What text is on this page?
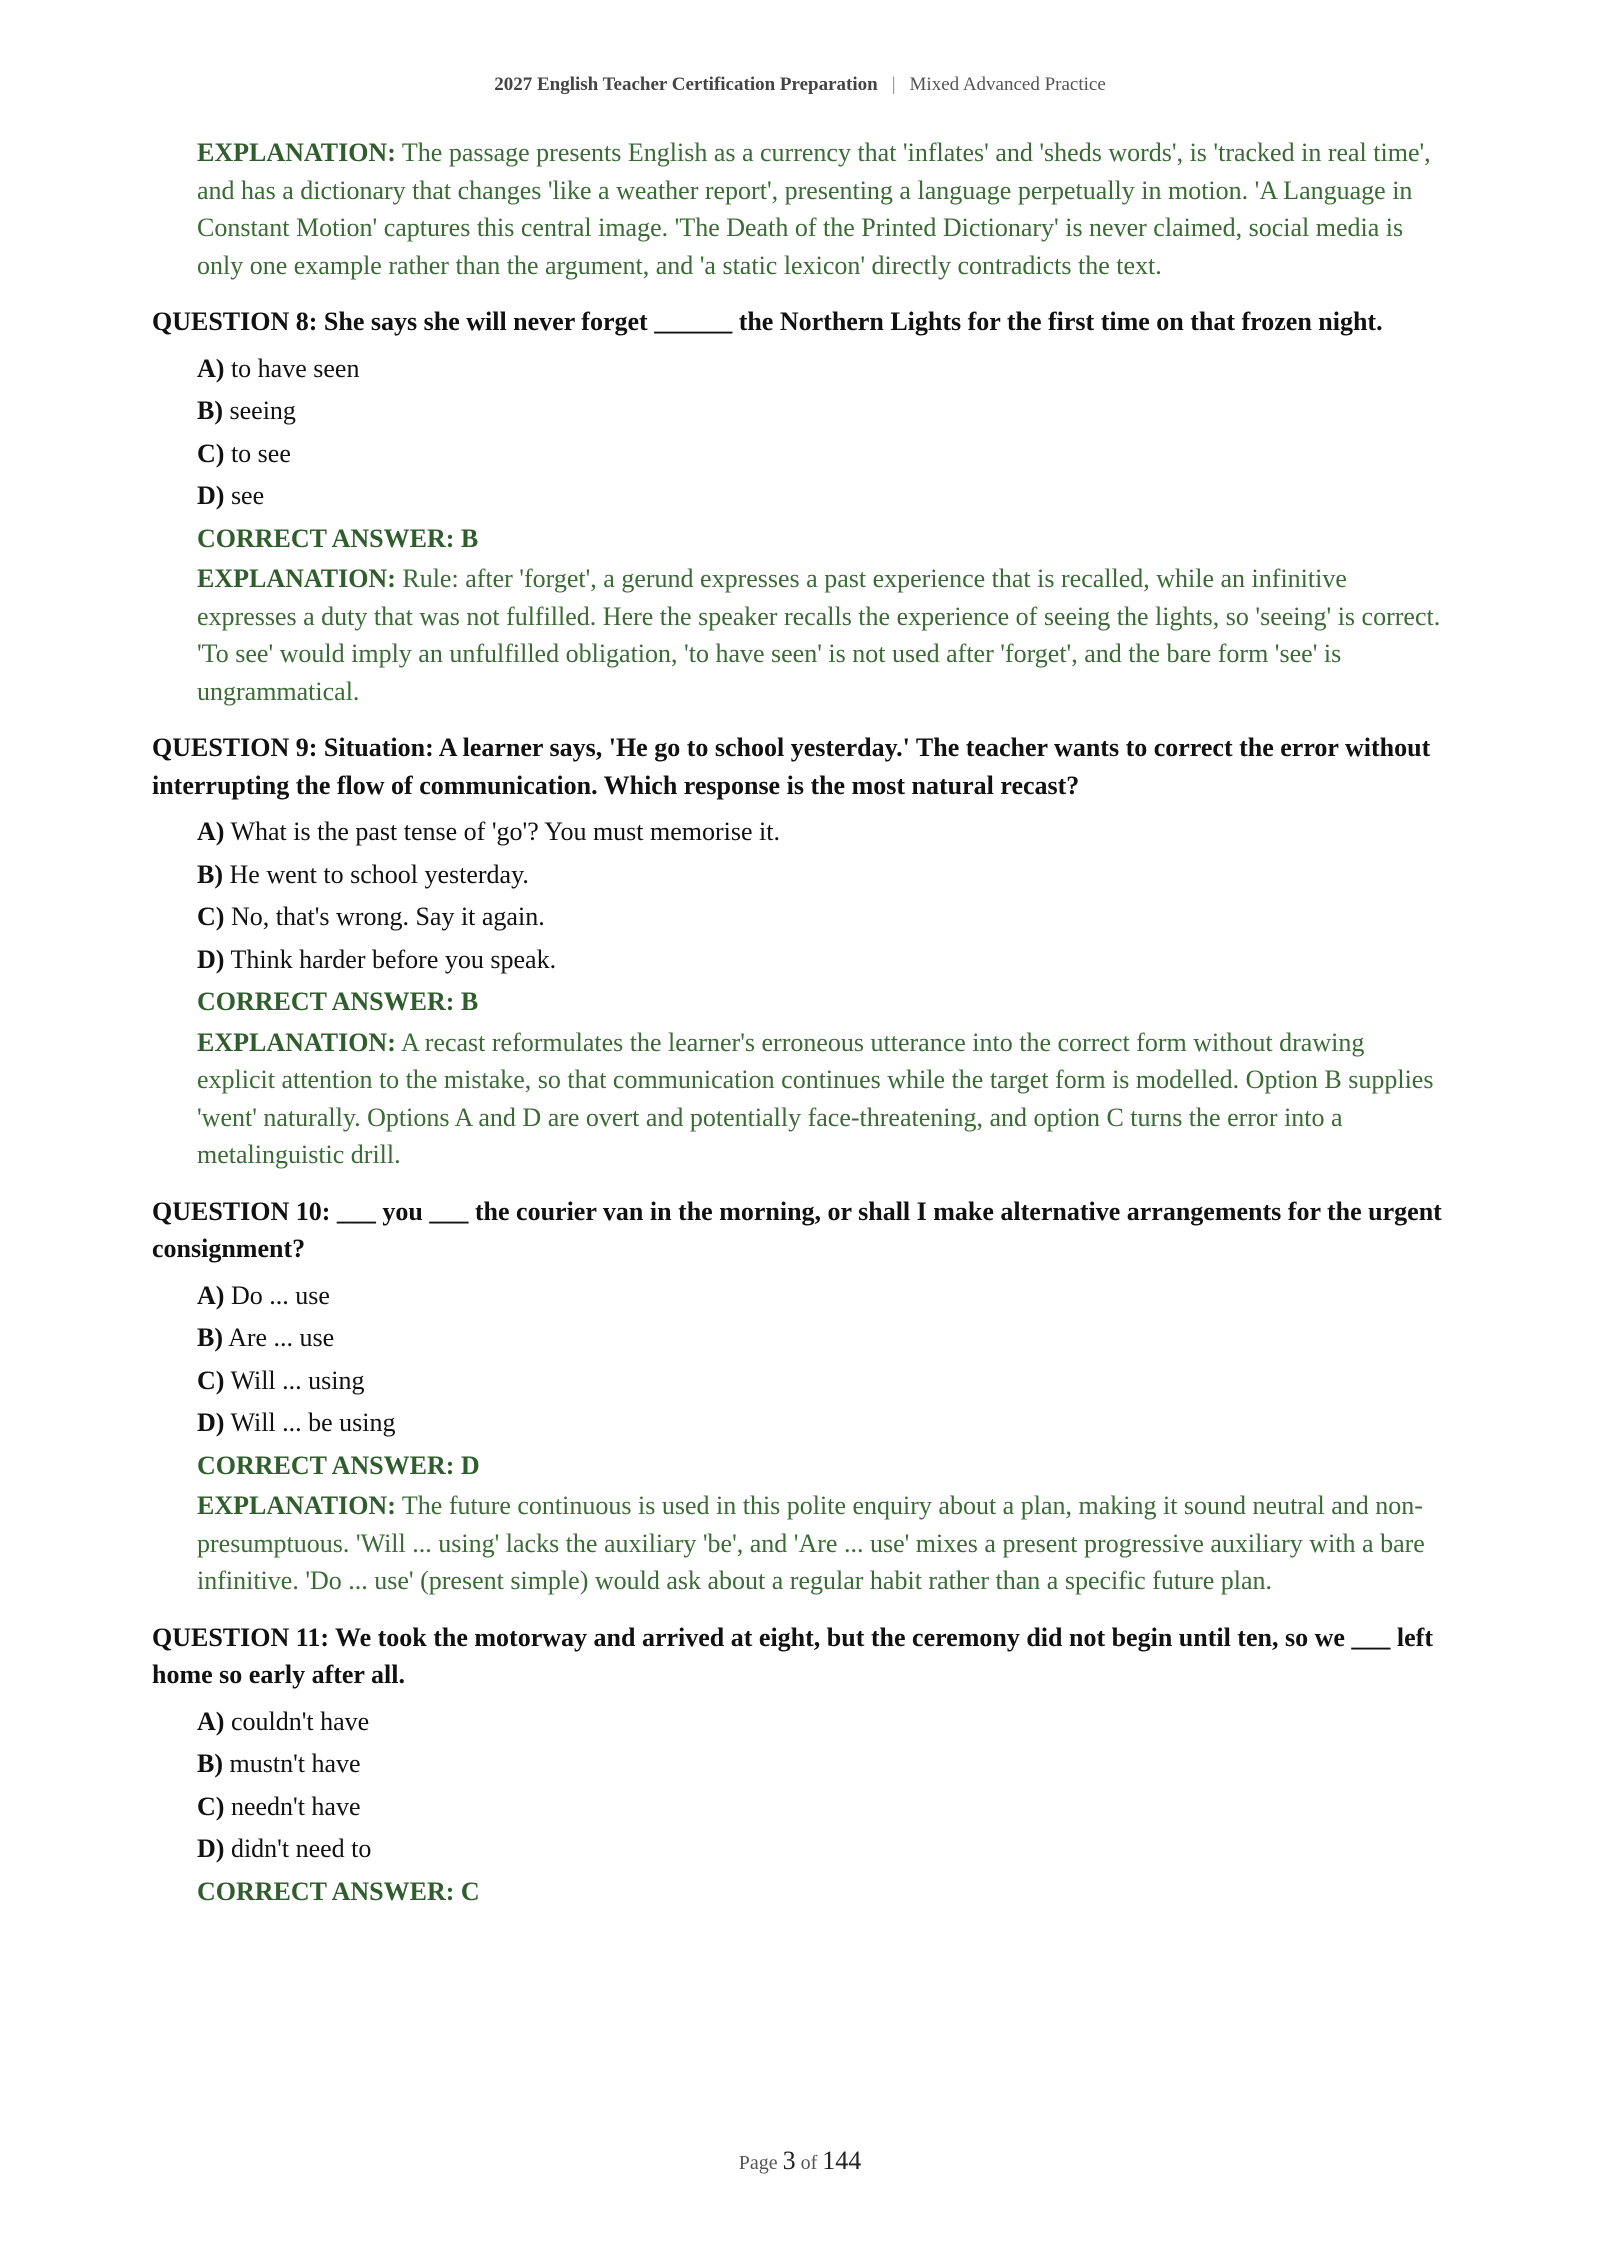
2027 English Teacher Certification Preparation | Mixed Advanced Practice
EXPLANATION: The passage presents English as a currency that 'inflates' and 'sheds words', is 'tracked in real time', and has a dictionary that changes 'like a weather report', presenting a language perpetually in motion. 'A Language in Constant Motion' captures this central image. 'The Death of the Printed Dictionary' is never claimed, social media is only one example rather than the argument, and 'a static lexicon' directly contradicts the text.
QUESTION 8: She says she will never forget ______ the Northern Lights for the first time on that frozen night.
A) to have seen
B) seeing
C) to see
D) see
CORRECT ANSWER: B
EXPLANATION: Rule: after 'forget', a gerund expresses a past experience that is recalled, while an infinitive expresses a duty that was not fulfilled. Here the speaker recalls the experience of seeing the lights, so 'seeing' is correct. 'To see' would imply an unfulfilled obligation, 'to have seen' is not used after 'forget', and the bare form 'see' is ungrammatical.
QUESTION 9: Situation: A learner says, 'He go to school yesterday.' The teacher wants to correct the error without interrupting the flow of communication. Which response is the most natural recast?
A) What is the past tense of 'go'? You must memorise it.
B) He went to school yesterday.
C) No, that's wrong. Say it again.
D) Think harder before you speak.
CORRECT ANSWER: B
EXPLANATION: A recast reformulates the learner's erroneous utterance into the correct form without drawing explicit attention to the mistake, so that communication continues while the target form is modelled. Option B supplies 'went' naturally. Options A and D are overt and potentially face-threatening, and option C turns the error into a metalinguistic drill.
QUESTION 10: ___ you ___ the courier van in the morning, or shall I make alternative arrangements for the urgent consignment?
A) Do ... use
B) Are ... use
C) Will ... using
D) Will ... be using
CORRECT ANSWER: D
EXPLANATION: The future continuous is used in this polite enquiry about a plan, making it sound neutral and non-presumptuous. 'Will ... using' lacks the auxiliary 'be', and 'Are ... use' mixes a present progressive auxiliary with a bare infinitive. 'Do ... use' (present simple) would ask about a regular habit rather than a specific future plan.
QUESTION 11: We took the motorway and arrived at eight, but the ceremony did not begin until ten, so we ___ left home so early after all.
A) couldn't have
B) mustn't have
C) needn't have
D) didn't need to
CORRECT ANSWER: C
Page 3 of 144
